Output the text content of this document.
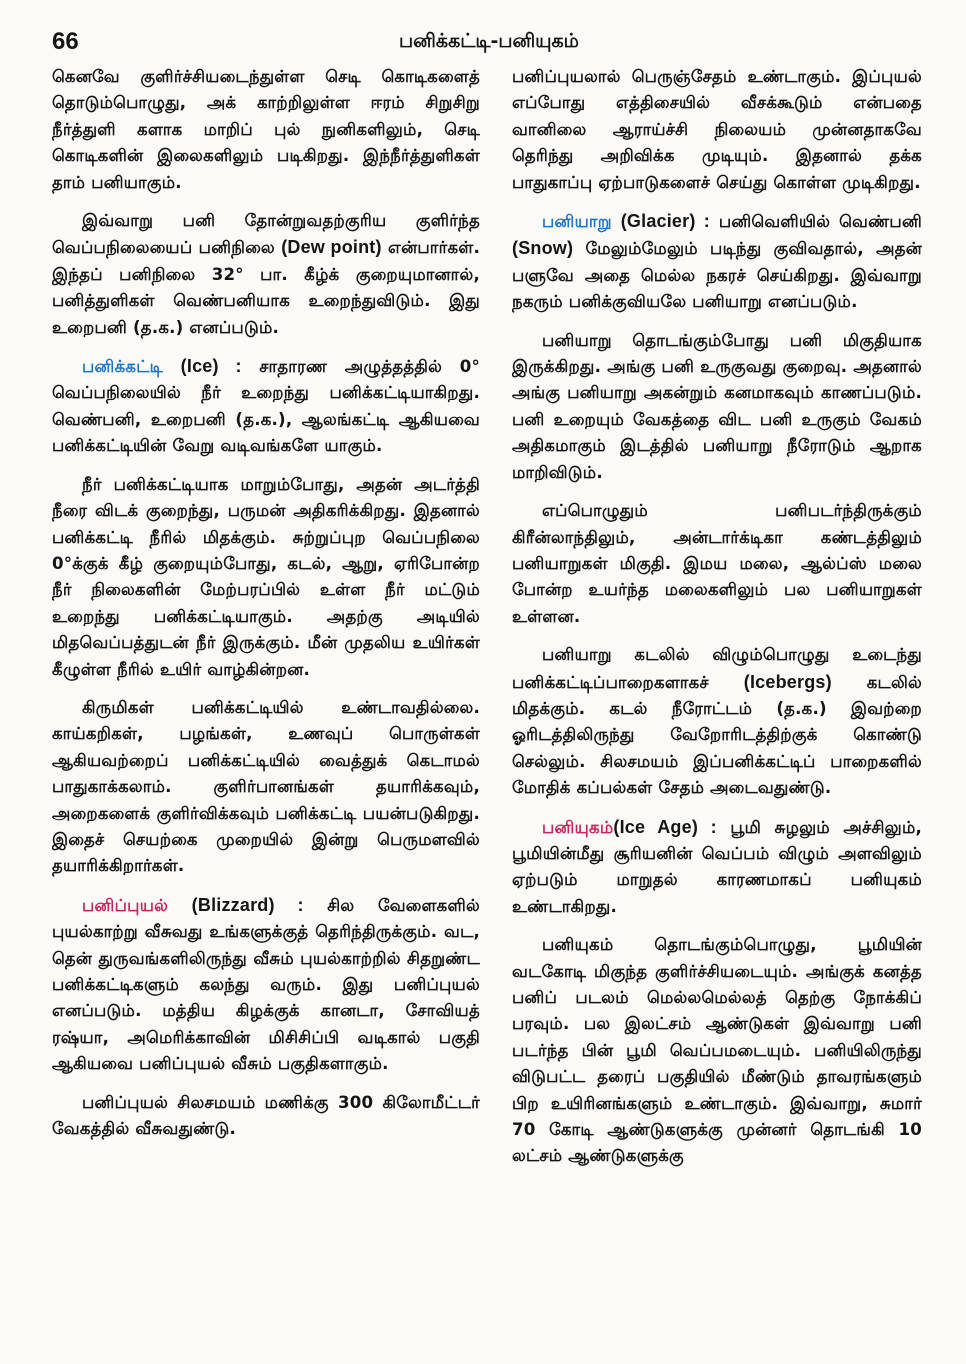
66	பனிக்கட்டி-பனியுகம்

கெனவே குளிர்ச்சியடைந்துள்ள செடி கொடிகளைத் தொடும்பொழுது, அக் காற்றிலுள்ள ஈரம் சிறுசிறு நீர்த்துளி களாக மாறிப் புல் நுனிகளிலும், செடி கொடிகளின் இலைகளிலும் படிகிறது. இந்நீர்த்துளிகள் தாம் பனியாகும்.

இவ்வாறு பனி தோன்றுவதற்குரிய குளிர்ந்த வெப்பநிலையைப் பனிநிலை (Dew point) என்பார்கள். இந்தப் பனிநிலை 32° பா. கீழ்க் குறையுமானால், பனித்துளிகள் வெண்பனியாக உறைந்துவிடும். இது உறைபனி (த.க.) எனப்படும்.

பனிக்கட்டி (Ice) : சாதாரண அழுத்தத்தில் 0° வெப்பநிலையில் நீர் உறைந்து பனிக்கட்டியாகிறது. வெண்பனி, உறைபனி (த.க.), ஆலங்கட்டி ஆகியவை பனிக்கட்டியின் வேறு வடிவங்களே யாகும்.

நீர் பனிக்கட்டியாக மாறும்போது, அதன் அடர்த்தி நீரை விடக் குறைந்து, பருமன் அதிகரிக்கிறது. இதனால் பனிக்கட்டி நீரில் மிதக்கும். சுற்றுப்புற வெப்பநிலை 0°க்குக் கீழ் குறையும்போது, கடல், ஆறு, ஏரிபோன்ற நீர் நிலைகளின் மேற்பரப்பில் உள்ள நீர் மட்டும் உறைந்து பனிக்கட்டியாகும். அதற்கு அடியில் மிதவெப்பத்துடன் நீர் இருக்கும். மீன் முதலிய உயிர்கள் கீழுள்ள நீரில் உயிர் வாழ்கின்றன.

கிருமிகள் பனிக்கட்டியில் உண்டாவதில்லை. காய்கறிகள், பழங்கள், உணவுப் பொருள்கள் ஆகியவற்றைப் பனிக்கட்டியில் வைத்துக் கெடாமல் பாதுகாக்கலாம். குளிர்பானங்கள் தயாரிக்கவும், அறைகளைக் குளிர்விக்கவும் பனிக்கட்டி பயன்படுகிறது. இதைச் செயற்கை முறையில் இன்று பெருமளவில் தயாரிக்கிறார்கள்.

பனிப்புயல் (Blizzard) : சில வேளைகளில் புயல்காற்று வீசுவது உங்களுக்குத் தெரிந்திருக்கும். வட, தென் துருவங்களிலிருந்து வீசும் புயல்காற்றில் சிதறுண்ட பனிக்கட்டிகளும் கலந்து வரும். இது பனிப்புயல் எனப்படும். மத்திய கிழக்குக் கானடா, சோவியத் ரஷ்யா, அமெரிக்காவின் மிசிசிப்பி வடிகால் பகுதி ஆகியவை பனிப்புயல் வீசும் பகுதிகளாகும்.

பனிப்புயல் சிலசமயம் மணிக்கு 300 கிலோமீட்டர் வேகத்தில் வீசுவதுண்டு.

பனிப்புயலால் பெருஞ்சேதம் உண்டாகும். இப்புயல் எப்போது எத்திசையில் வீசக்கூடும் என்பதை வானிலை ஆராய்ச்சி நிலையம் முன்னதாகவே தெரிந்து அறிவிக்க முடியும். இதனால் தக்க பாதுகாப்பு ஏற்பாடுகளைச் செய்து கொள்ள முடிகிறது.

பனியாறு (Glacier) : பனிவெளியில் வெண்பனி (Snow) மேலும்மேலும் படிந்து குவிவதால், அதன் பளுவே அதை மெல்ல நகரச் செய்கிறது. இவ்வாறு நகரும் பனிக்குவியலே பனியாறு எனப்படும்.

பனியாறு தொடங்கும்போது பனி மிகுதியாக இருக்கிறது. அங்கு பனி உருகுவது குறைவு. அதனால் அங்கு பனியாறு அகன்றும் கனமாகவும் காணப்படும். பனி உறையும் வேகத்தை விட பனி உருகும் வேகம் அதிகமாகும் இடத்தில் பனியாறு நீரோடும் ஆறாக மாறிவிடும்.

எப்பொழுதும் பனிபடர்ந்திருக்கும் கிரீன்லாந்திலும், அன்டார்க்டிகா கண்டத்திலும் பனியாறுகள் மிகுதி. இமய மலை, ஆல்ப்ஸ் மலை போன்ற உயர்ந்த மலைகளிலும் பல பனியாறுகள் உள்ளன.

பனியாறு கடலில் விழும்பொழுது உடைந்து பனிக்கட்டிப்பாறைகளாகச் (Icebergs) கடலில் மிதக்கும். கடல் நீரோட்டம் (த.க.) இவற்றை ஓரிடத்திலிருந்து வேறோரிடத்திற்குக் கொண்டு செல்லும். சிலசமயம் இப்பனிக்கட்டிப் பாறைகளில் மோதிக் கப்பல்கள் சேதம் அடைவதுண்டு.

பனியுகம்(Ice Age) : பூமி சுழலும் அச்சிலும், பூமியின்மீது சூரியனின் வெப்பம் விழும் அளவிலும் ஏற்படும் மாறுதல் காரணமாகப் பனியுகம் உண்டாகிறது.

பனியுகம் தொடங்கும்பொழுது, பூமியின் வடகோடி மிகுந்த குளிர்ச்சியடையும். அங்குக் கனத்த பனிப் படலம் மெல்லமெல்லத் தெற்கு நோக்கிப் பரவும். பல இலட்சம் ஆண்டுகள் இவ்வாறு பனி படர்ந்த பின் பூமி வெப்பமடையும். பனியிலிருந்து விடுபட்ட தரைப் பகுதியில் மீண்டும் தாவரங்களும் பிற உயிரினங்களும் உண்டாகும். இவ்வாறு, சுமார் 70 கோடி ஆண்டுகளுக்கு முன்னர் தொடங்கி 10 லட்சம் ஆண்டுகளுக்கு
